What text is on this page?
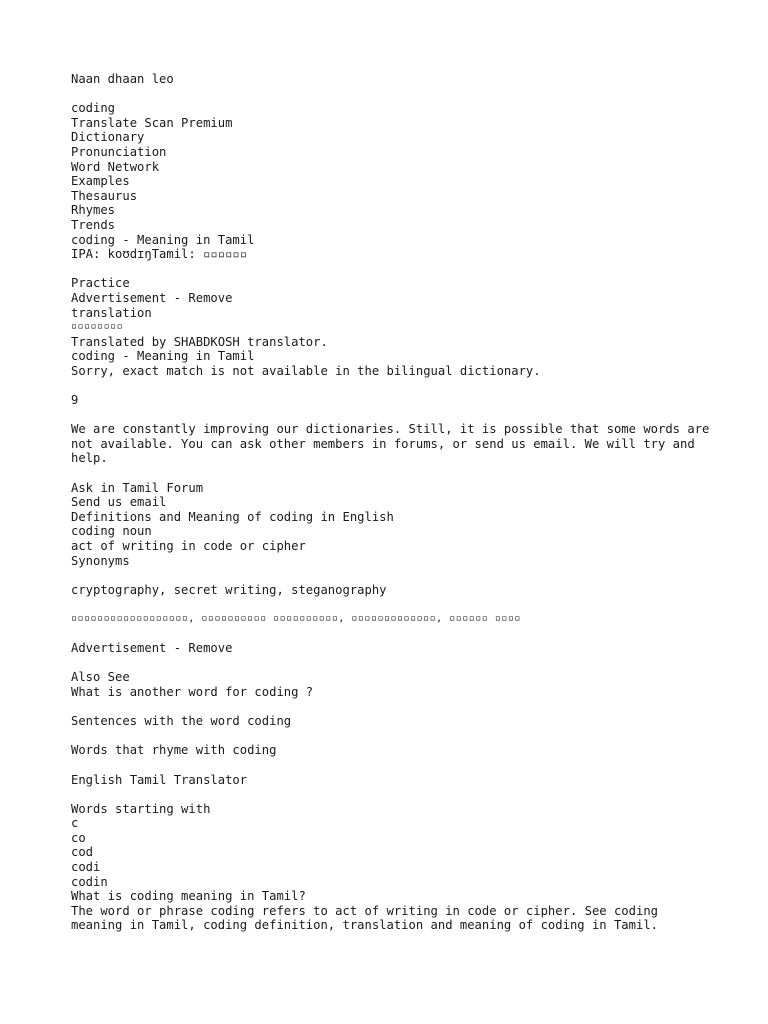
Naan dhaan leo
coding
Translate Scan Premium
Dictionary
Pronunciation
Word Network
Examples
Thesaurus
Rhymes
Trends
coding - Meaning in Tamil
IPA: koʊdɪŋTamil: ▫▫▫▫▫▫
Practice
Advertisement - Remove
translation
▫▫▫▫▫▫▫▫
Translated by SHABDKOSH translator.
coding - Meaning in Tamil
Sorry, exact match is not available in the bilingual dictionary.
9
We are constantly improving our dictionaries. Still, it is possible that some words are not available. You can ask other members in forums, or send us email. We will try and help.
Ask in Tamil Forum
Send us email
Definitions and Meaning of coding in English
coding noun
act of writing in code or cipher
Synonyms
cryptography, secret writing, steganography
▫▫▫▫▫▫▫▫▫▫▫▫▫▫▫▫▫▫, ▫▫▫▫▫▫▫▫▫▫ ▫▫▫▫▫▫▫▫▫▫, ▫▫▫▫▫▫▫▫▫▫▫▫▫, ▫▫▫▫▫▫ ▫▫▫▫
Advertisement - Remove
Also See
What is another word for coding ?
Sentences with the word coding
Words that rhyme with coding
English Tamil Translator
Words starting with
c
co
cod
codi
codin
What is coding meaning in Tamil?
The word or phrase coding refers to act of writing in code or cipher. See coding meaning in Tamil, coding definition, translation and meaning of coding in Tamil.
